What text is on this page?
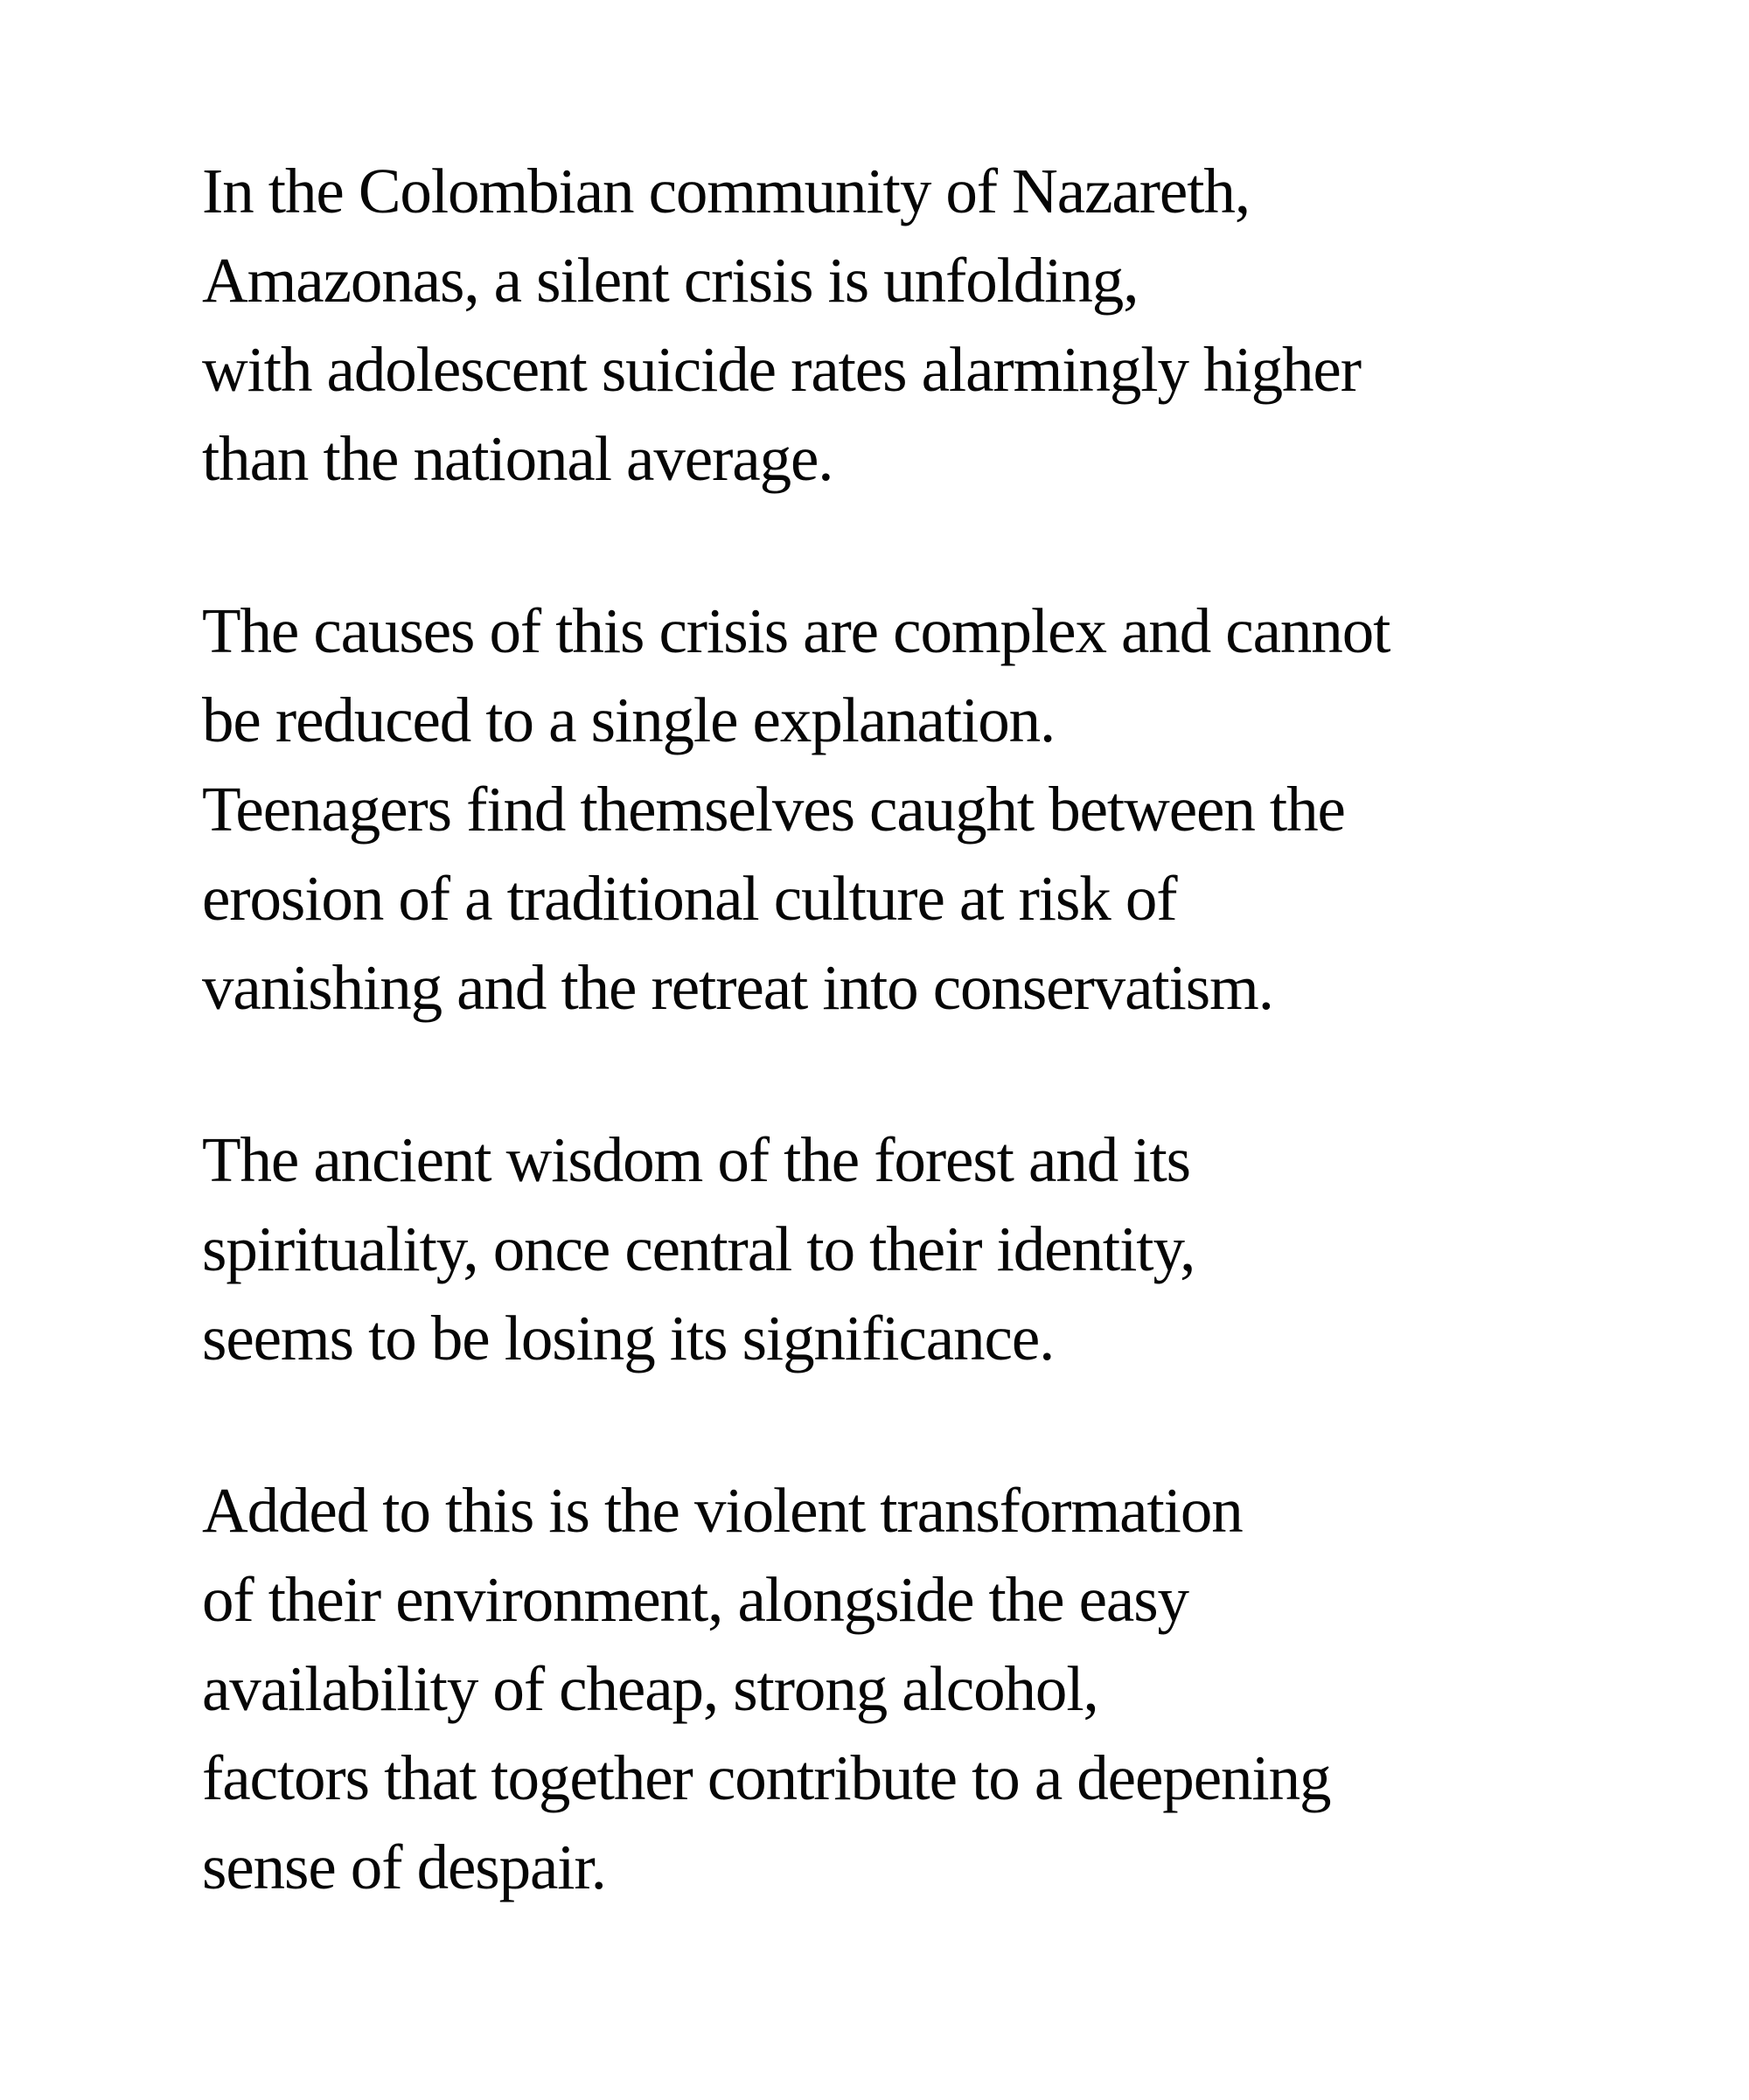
In the Colombian community of Nazareth,
Amazonas, a silent crisis is unfolding,
with adolescent suicide rates alarmingly higher
than the national average.

The causes of this crisis are complex and cannot
be reduced to a single explanation.
Teenagers find themselves caught between the
erosion of a traditional culture at risk of
vanishing and the retreat into conservatism.

The ancient wisdom of the forest and its
spirituality, once central to their identity,
seems to be losing its significance.

Added to this is the violent transformation
of their environment, alongside the easy
availability of cheap, strong alcohol,
factors that together contribute to a deepening
sense of despair.
